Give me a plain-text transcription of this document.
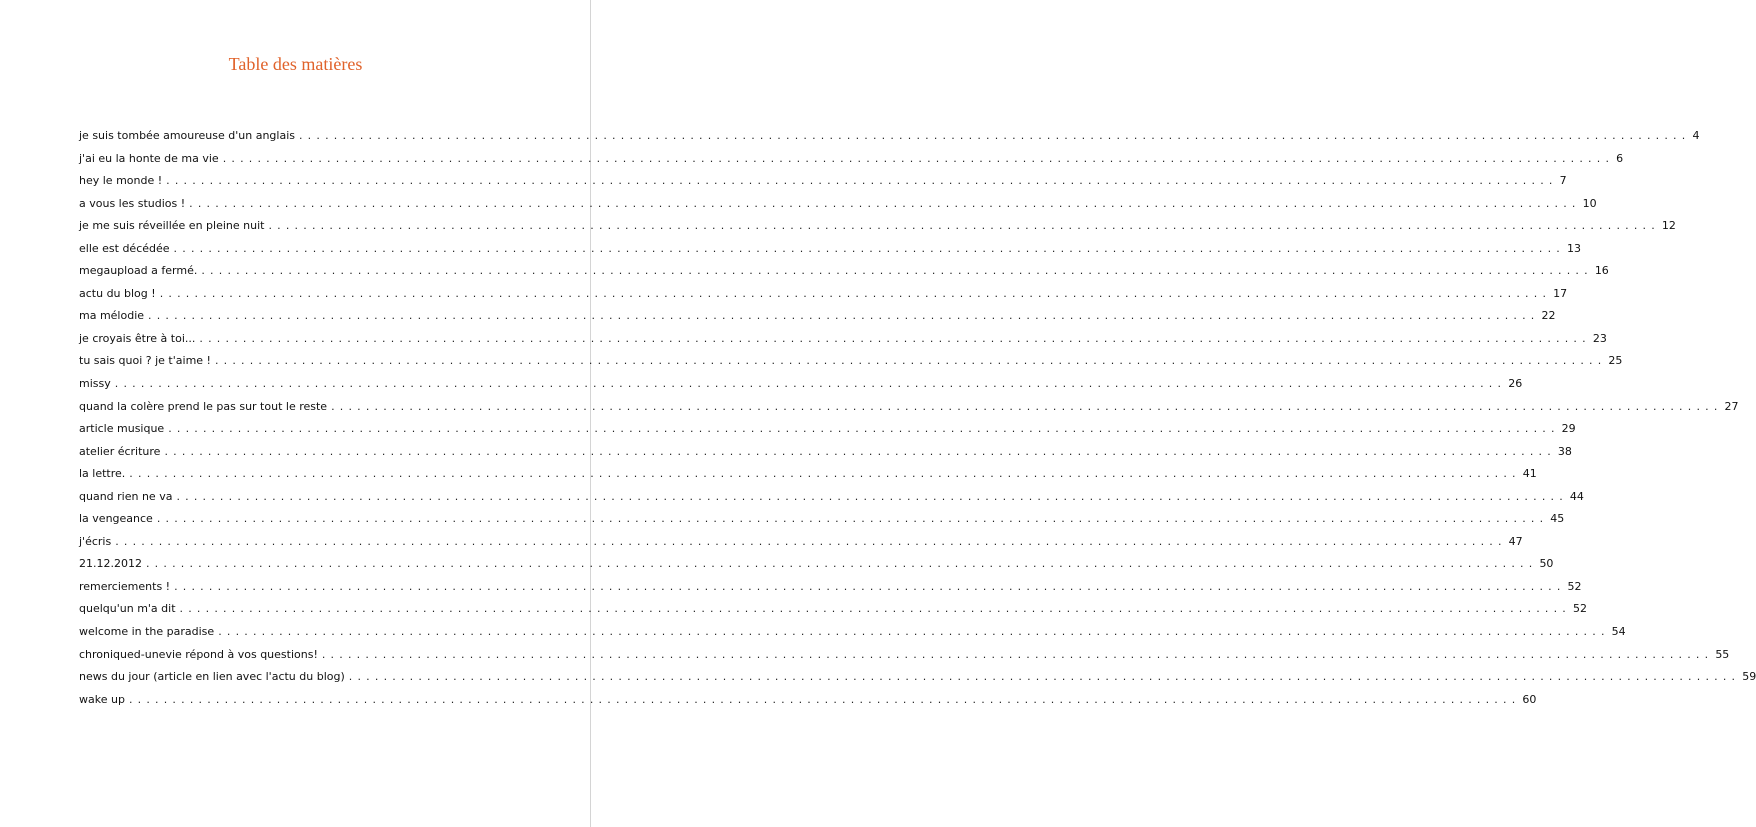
Table des matières
je suis tombée amoureuse d'un anglais ................................................................................................................................................................ 4
j'ai eu la honte de ma vie ................................................................................................................................................................ 6
hey le monde ! ................................................................................................................................................................ 7
a vous les studios ! ................................................................................................................................................................ 10
je me suis réveillée en pleine nuit ................................................................................................................................................................ 12
elle est décédée ................................................................................................................................................................ 13
megaupload a fermé. ................................................................................................................................................................ 16
actu du blog ! ................................................................................................................................................................ 17
ma mélodie ................................................................................................................................................................ 22
je croyais être à toi... ................................................................................................................................................................ 23
tu sais quoi ? je t'aime ! ................................................................................................................................................................ 25
missy ................................................................................................................................................................ 26
quand la colère prend le pas sur tout le reste ................................................................................................................................................................ 27
article musique ................................................................................................................................................................ 29
atelier écriture ................................................................................................................................................................ 38
la lettre. ................................................................................................................................................................ 41
quand rien ne va ................................................................................................................................................................ 44
la vengeance ................................................................................................................................................................ 45
j'écris ................................................................................................................................................................ 47
21.12.2012 ................................................................................................................................................................ 50
remerciements ! ................................................................................................................................................................ 52
quelqu'un m'a dit ................................................................................................................................................................ 52
welcome in the paradise ................................................................................................................................................................ 54
chroniqued-unevie répond à vos questions! ................................................................................................................................................................ 55
news du jour (article en lien avec l'actu du blog) ................................................................................................................................................................ 59
wake up ................................................................................................................................................................ 60
